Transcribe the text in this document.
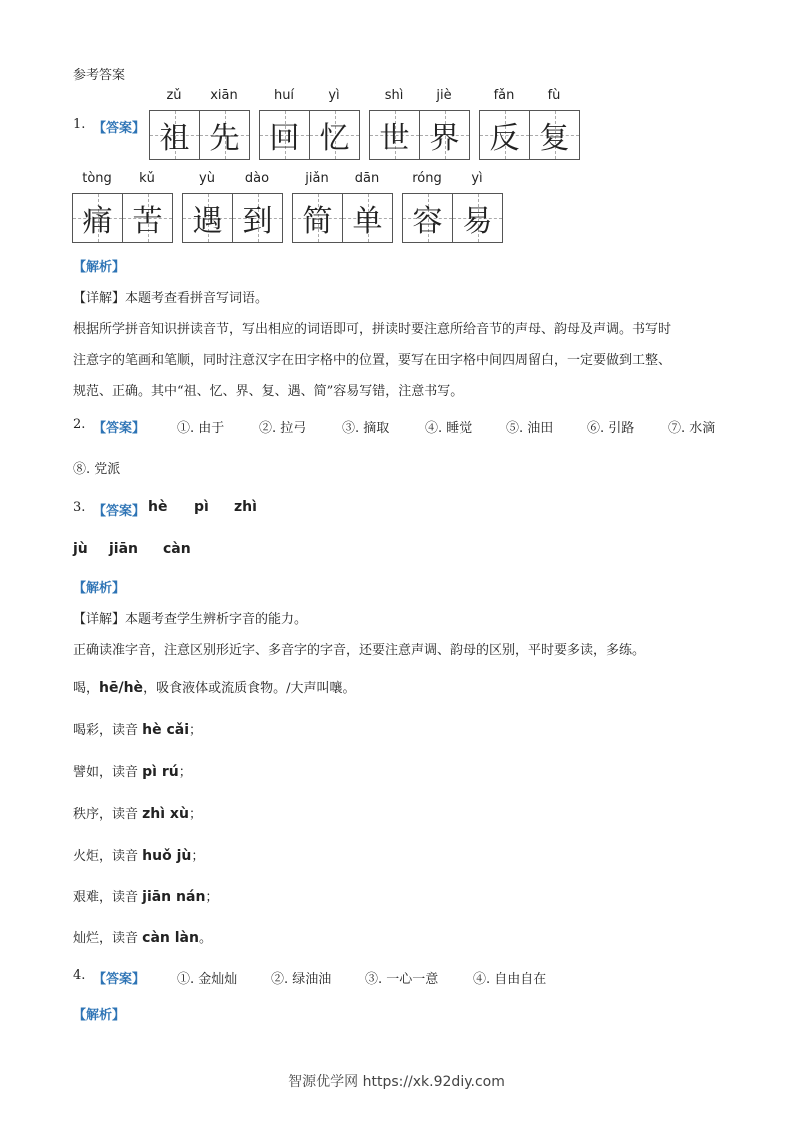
参考答案
1. 【答案】
zǔ	xiān
祖 先
huí	yì
回 忆
shì	jiè
世 界
fǎn	fù
反 复
tòng	kǔ
痛 苦
yù	dào
遇 到
jiǎn	dān
简 单
róng	yì
容 易
【解析】
【详解】本题考查看拼音写词语。
根据所学拼音知识拼读音节，写出相应的词语即可，拼读时要注意所给音节的声母、韵母及声调。书写时
注意字的笔画和笔顺，同时注意汉字在田字格中的位置，要写在田字格中间四周留白，一定要做到工整、
规范、正确。其中“祖、忆、界、复、遇、简”容易写错，注意书写。
2. 【答案】 ①. 由于	②. 拉弓	③. 摘取	④. 睡觉	⑤. 油田	⑥. 引路	⑦. 水滴
⑧. 党派
3. 【答案】 hè pì zhì
jù jiān càn
【解析】
【详解】本题考查学生辨析字音的能力。
正确读准字音，注意区别形近字、多音字的字音，还要注意声调、韵母的区别，平时要多读，多练。
喝，hē/hè，吸食液体或流质食物。/大声叫嚷。
喝彩，读音 hè cǎi；
譬如，读音 pì rú；
秩序，读音 zhì xù；
火炬，读音 huǒ jù；
艰难，读音 jiān nán；
灿烂，读音 càn làn。
4. 【答案】 ①. 金灿灿	②. 绿油油	③. 一心一意	④. 自由自在
【解析】
智源优学网 https://xk.92diy.com
